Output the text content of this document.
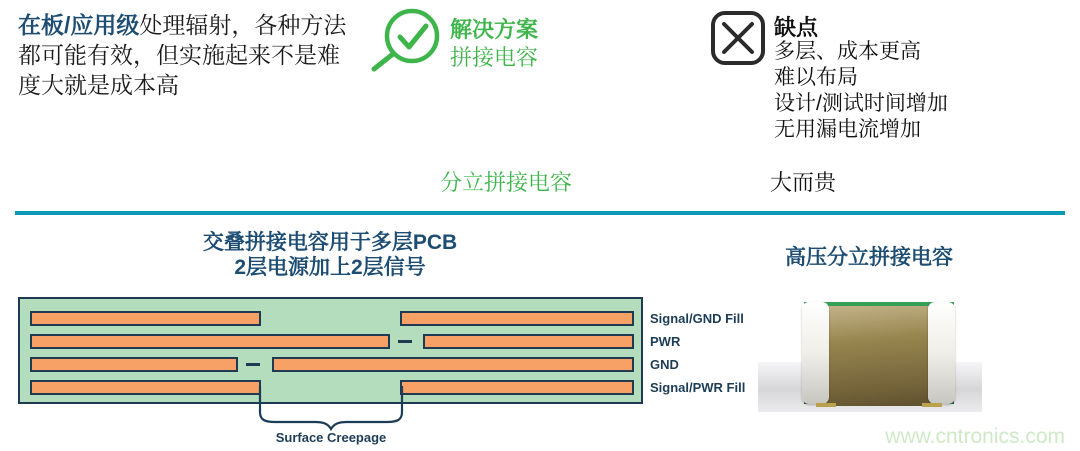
在板/应用级处理辐射，各种方法
都可能有效，但实施起来不是难
度大就是成本高
解决方案
拼接电容
分立拼接电容
缺点
多层、成本更高
难以布局
设计/测试时间增加
无用漏电流增加
大而贵
交叠拼接电容用于多层PCB
2层电源加上2层信号	高压分立拼接电容
Signal/GND Fill
PWR
GND
Signal/PWR Fill
Surface Creepage	www.cntronics.com
